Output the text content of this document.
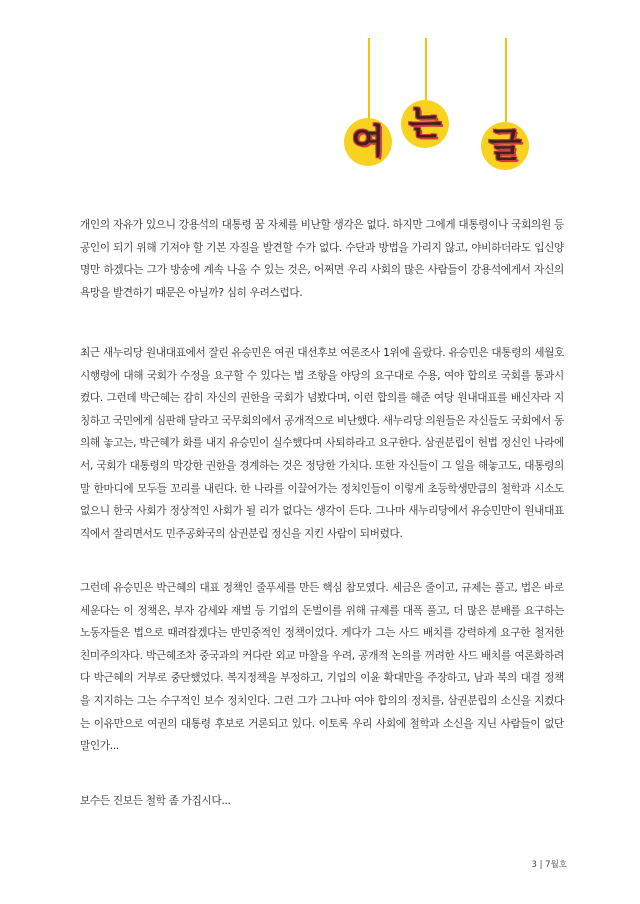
여 는
글

개인의 자유가 있으니 강용석의 대통령 꿈 자체를 비난할 생각은 없다. 하지만 그에게 대통령이나 국회의원 등 공인이 되기 위해 기져야 할 기본 자질을 발견할 수가 없다. 수단과 방법을 가리지 않고, 야비하더라도 입신양명만 하겠다는 그가 방송에 계속 나올 수 있는 것은, 어쩌면 우리 사회의 많은 사람들이 강용석에게서 자신의 욕망을 발견하기 때문은 아닐까? 심히 우려스럽다.

최근 새누리당 원내대표에서 잘린 유승민은 여권 대선후보 여론조사 1위에 올랐다. 유승민은 대통령의 세월호 시행령에 대해 국회가 수정을 요구할 수 있다는 법 조항을 야당의 요구대로 수용, 여야 합의로 국회를 통과시켰다. 그런데 박근혜는 감히 자신의 권한을 국회가 넘봤다며, 이런 합의를 해준 여당 원내대표를 배신자라 지칭하고 국민에게 심판해 달라고 국무회의에서 공개적으로 비난했다. 새누리당 의원들은 자신들도 국회에서 동의해 놓고는, 박근혜가 화를 내지 유승민이 실수했다며 사퇴하라고 요구한다. 삼권분립이 헌법 정신인 나라에서, 국회가 대통령의 막강한 권한을 경계하는 것은 정당한 가치다. 또한 자신들이 그 일을 해놓고도, 대통령의 말 한마디에 모두들 꼬리를 내린다. 한 나라를 이끌어가는 정치인들이 이렇게 초등학생만큼의 철학과 시소도 없으니 한국 사회가 정상적인 사회가 될 리가 없다는 생각이 든다. 그나마 새누리당에서 유승민만이 원내대표직에서 잘리면서도 민주공화국의 삼권분립 정신을 지킨 사람이 되버렸다.

그런데 유승민은 박근혜의 대표 정책인 줄푸세를 만든 핵심 참모였다. 세금은 줄이고, 규제는 풀고, 법은 바로 세운다는 이 정책은, 부자 감세와 재벌 등 기업의 돈벌이를 위해 규제를 대폭 풀고, 더 많은 분배를 요구하는 노동자들은 법으로 때려잡겠다는 반민중적인 정책이었다. 게다가 그는 사드 배치를 강력하게 요구한 철저한 친미주의자다. 박근혜조차 중국과의 커다란 외교 마찰을 우려, 공개적 논의를 꺼려한 사드 배치를 여론화하려다 박근혜의 거부로 중단했었다. 복지정책을 부정하고, 기업의 이윤 확대만을 주장하고, 남과 북의 대결 정책을 지지하는 그는 수구적인 보수 정치인다. 그런 그가 그나마 여야 합의의 정치를, 삼권분립의 소신을 지켰다는 이유만으로 여권의 대통령 후보로 거론되고 있다. 이토록 우리 사회에 철학과 소신을 지닌 사람들이 없단 말인가...

보수든 진보든 철학 좀 가집시다...

3 | 7월호
